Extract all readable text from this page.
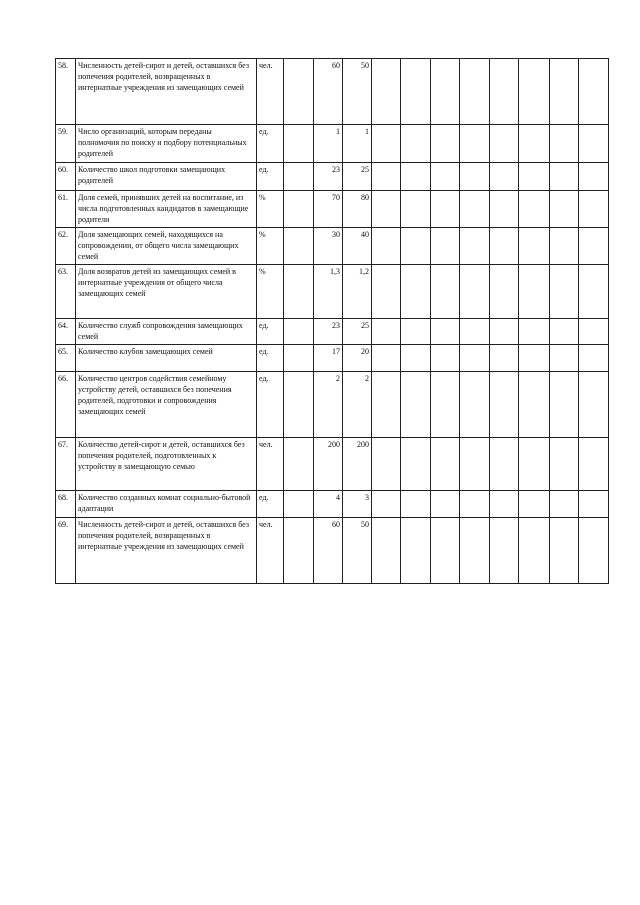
58.	Численность детей-сирот и детей, оставшихся без попечения родителей, возвращенных в интернатные учреждения из замещающих семей	чел.		60	50								
59.	Число организаций, которым переданы полномочия по поиску и подбору потенциальных родителей	ед.		1	1								
60.	Количество школ подготовки замещающих родителей	ед.		23	25								
61.	Доля семей, принявших детей на воспитание, из числа подготовленных кандидатов в замещающие родители	%		70	80								
62.	Доля замещающих семей, находящихся на сопровождении, от общего числа замещающих семей	%		30	40								
63.	Доля возвратов детей из замещающих семей в интернатные учреждения от общего числа замещающих семей	%		1,3	1,2								
64.	Количество служб сопровождения замещающих семей	ед.		23	25								
65.	Количество клубов замещающих семей	ед.		17	20								
66.	Количество центров содействия семейному устройству детей, оставшихся без попечения родителей, подготовки и сопровождения замещающих семей	ед.		2	2								
67.	Количество детей-сирот и детей, оставшихся без попечения родителей, подготовленных к устройству в замещающую семью	чел.		200	200								
68.	Количество созданных комнат социально-бытовой адаптации	ед.		4	3								
69.	Численность детей-сирот и детей, оставшихся без попечения родителей, возвращенных в интернатные учреждения из замещающих семей	чел.		60	50								
